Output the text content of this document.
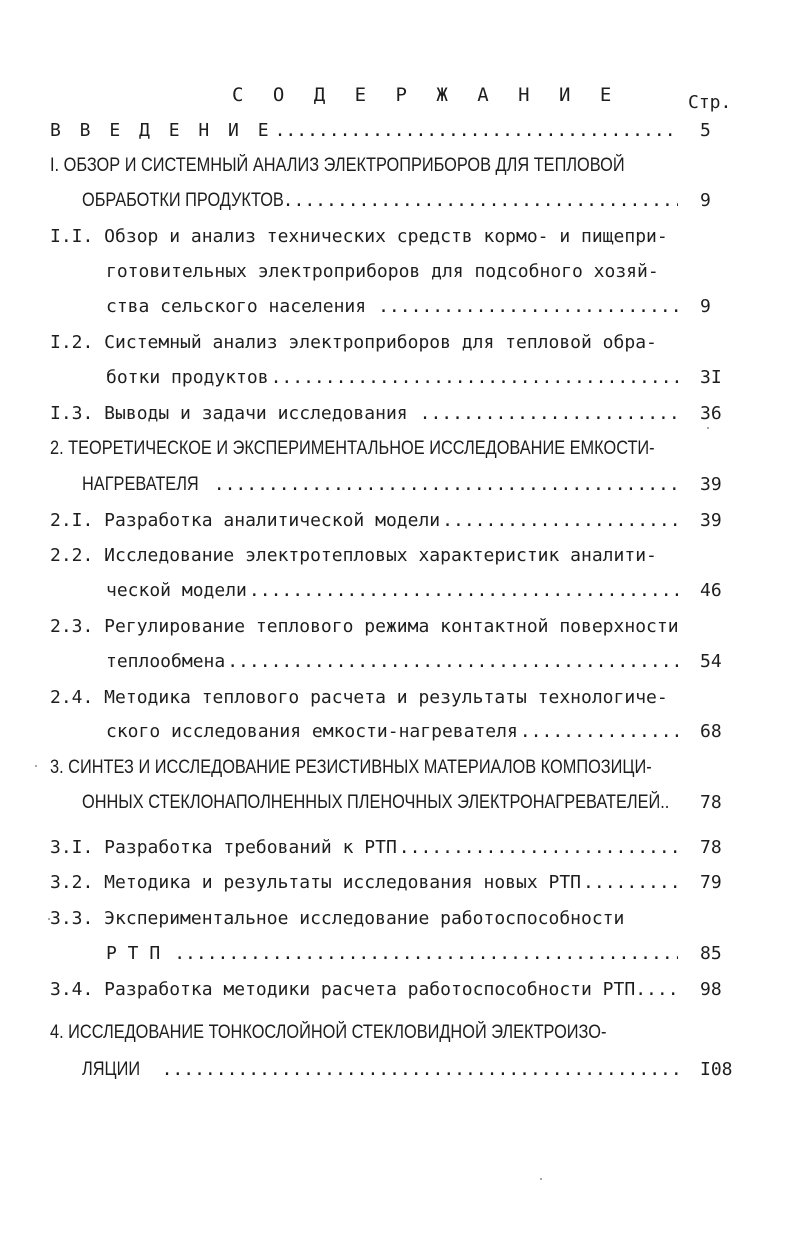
С О Д Е Р Ж А Н И Е	Стр.
В В Е Д Е Н И Е .....	5
I. ОБЗОР И СИСТЕМНЫЙ АНАЛИЗ ЭЛЕКТРОПРИБОРОВ ДЛЯ ТЕПЛОВОЙ
ОБРАБОТКИ ПРОДУКТОВ .....	9
I.I. Обзор и анализ технических средств кормо- и пищепри-
готовительных электроприборов для подсобного хозяй-
ства сельского населения .....	9
I.2. Системный анализ электроприборов для тепловой обра-
ботки продуктов .....	3I
I.3. Выводы и задачи исследования .....	36
2. ТЕОРЕТИЧЕСКОЕ И ЭКСПЕРИМЕНТАЛЬНОЕ ИССЛЕДОВАНИЕ ЕМКОСТИ-
НАГРЕВАТЕЛЯ .....	39
2.I. Разработка аналитической модели .....	39
2.2. Исследование электротепловых характеристик аналити-
ческой модели .....	46
2.3. Регулирование теплового режима контактной поверхности
теплообмена .....	54
2.4. Методика теплового расчета и результаты технологиче-
ского исследования емкости-нагревателя .....	68
3. СИНТЕЗ И ИССЛЕДОВАНИЕ РЕЗИСТИВНЫХ МАТЕРИАЛОВ КОМПОЗИЦИ-
ОННЫХ СТЕКЛОНАПОЛНЕННЫХ ПЛЕНОЧНЫХ ЭЛЕКТРОНАГРЕВАТЕЛЕЙ..	78
3.I. Разработка требований к РТП .....	78
3.2. Методика и результаты исследования новых РТП .....	79
3.3. Экспериментальное исследование работоспособности
Р Т П .....	85
3.4. Разработка методики расчета работоспособности РТП.... 98
4. ИССЛЕДОВАНИЕ ТОНКОСЛОЙНОЙ СТЕКЛОВИДНОЙ ЭЛЕКТРОИЗО-
ЛЯЦИИ .....	I08
